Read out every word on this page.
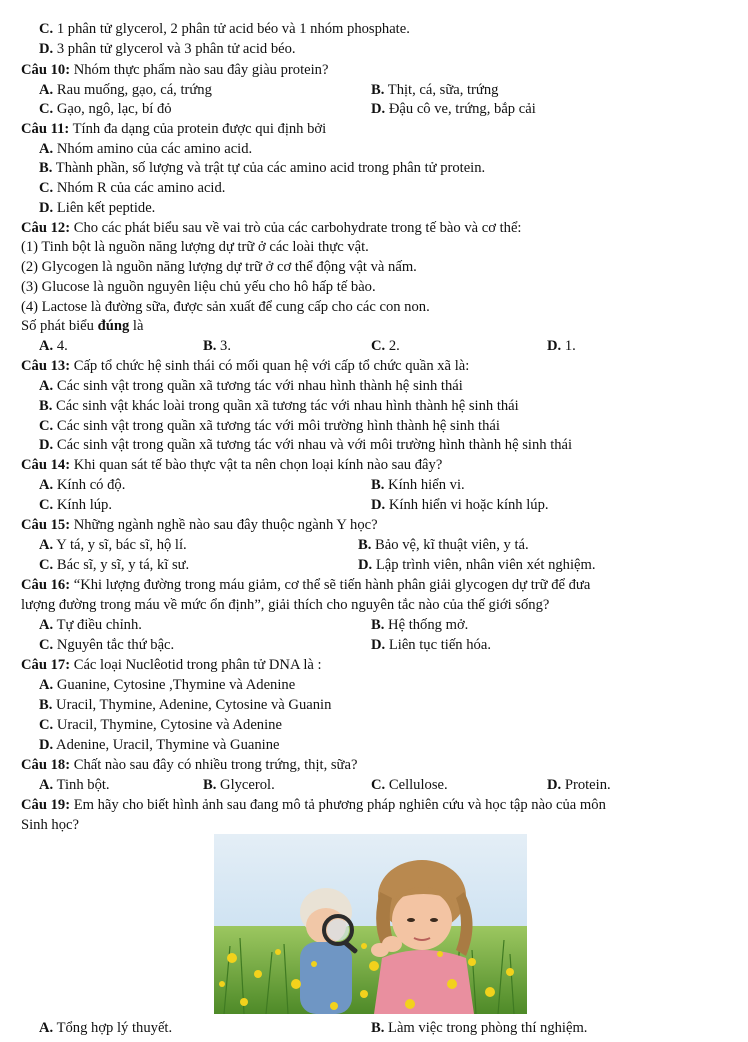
C. 1 phân tử glycerol, 2 phân tử acid béo và 1 nhóm phosphate.
D. 3 phân tử glycerol và 3 phân tử acid béo.
Câu 10: Nhóm thực phẩm nào sau đây giàu protein?
A. Rau muống, gạo, cá, trứng	B. Thịt, cá, sữa, trứng
C. Gạo, ngô, lạc, bí đỏ	D. Đậu cô ve, trứng, bắp cải
Câu 11: Tính đa dạng của protein được qui định bởi
A. Nhóm amino của các amino acid.
B. Thành phần, số lượng và trật tự của các amino acid trong phân tử protein.
C. Nhóm R của các amino acid.
D. Liên kết peptide.
Câu 12: Cho các phát biểu sau về vai trò của các carbohydrate trong tế bào và cơ thể:
(1) Tinh bột là nguồn năng lượng dự trữ ở các loài thực vật.
(2) Glycogen là nguồn năng lượng dự trữ ở cơ thể động vật và nấm.
(3) Glucose là nguồn nguyên liệu chủ yếu cho hô hấp tế bào.
(4) Lactose là đường sữa, được sản xuất để cung cấp cho các con non.
Số phát biểu đúng là
A. 4.	B. 3.	C. 2.	D. 1.
Câu 13: Cấp tổ chức hệ sinh thái có mối quan hệ với cấp tổ chức quần xã là:
A. Các sinh vật trong quần xã tương tác với nhau hình thành hệ sinh thái
B. Các sinh vật khác loài trong quần xã tương tác với nhau hình thành hệ sinh thái
C. Các sinh vật trong quần xã tương tác với môi trường hình thành hệ sinh thái
D. Các sinh vật trong quần xã tương tác với nhau và với môi trường hình thành hệ sinh thái
Câu 14: Khi quan sát tế bào thực vật ta nên chọn loại kính nào sau đây?
A. Kính có độ.	B. Kính hiển vi.
C. Kính lúp.	D. Kính hiển vi hoặc kính lúp.
Câu 15: Những ngành nghề nào sau đây thuộc ngành Y học?
A. Y tá, y sĩ, bác sĩ, hộ lí.	B. Bảo vệ, kĩ thuật viên, y tá.
C. Bác sĩ, y sĩ, y tá, kĩ sư.	D. Lập trình viên, nhân viên xét nghiệm.
Câu 16: “Khi lượng đường trong máu giảm, cơ thể sẽ tiến hành phân giải glycogen dự trữ để đưa
lượng đường trong máu về mức ổn định”, giải thích cho nguyên tắc nào của thế giới sống?
A. Tự điều chỉnh.	B. Hệ thống mở.
C. Nguyên tắc thứ bậc.	D. Liên tục tiến hóa.
Câu 17: Các loại Nuclêotid trong phân tử DNA là :
A. Guanine, Cytosine ,Thymine và Adenine
B. Uracil, Thymine, Adenine, Cytosine và Guanin
C. Uracil, Thymine, Cytosine và Adenine
D. Adenine, Uracil, Thymine và Guanine
Câu 18: Chất nào sau đây có nhiều trong trứng, thịt, sữa?
A. Tinh bột.	B. Glycerol.	C. Cellulose.	D. Protein.
Câu 19: Em hãy cho biết hình ảnh sau đang mô tả phương pháp nghiên cứu và học tập nào của môn
Sinh học?
A. Tổng hợp lý thuyết.	B. Làm việc trong phòng thí nghiệm.
